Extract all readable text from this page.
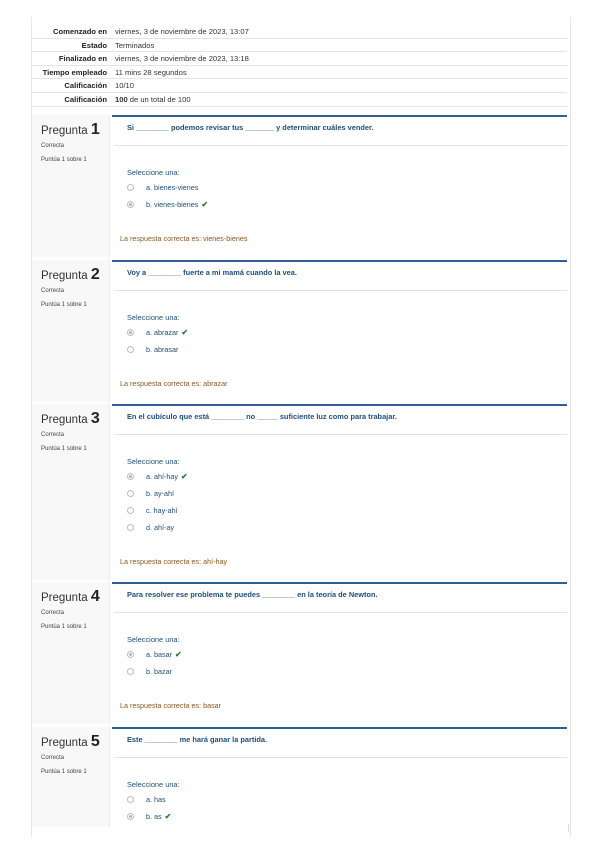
Comenzado en	viernes, 3 de noviembre de 2023, 13:07
Estado	Terminados
Finalizado en	viernes, 3 de noviembre de 2023, 13:18
Tiempo empleado	11 mins 28 segundos
Calificación	10/10
Calificación	100 de un total de 100
Pregunta 1
Correcta
Puntúa 1 sobre 1
Si ________ podemos revisar tus _______ y determinar cuáles vender.
Seleccione una:
a. bienes-vienes
b. vienes-bienes ✔
La respuesta correcta es: vienes-bienes
Pregunta 2
Correcta
Puntúa 1 sobre 1
Voy a ________ fuerte a mi mamá cuando la vea.
Seleccione una:
a. abrazar ✔
b. abrasar
La respuesta correcta es: abrazar
Pregunta 3
Correcta
Puntúa 1 sobre 1
En el cubículo que está ________ no _____ suficiente luz como para trabajar.
Seleccione una:
a. ahí-hay ✔
b. ay-ahí
c. hay-ahí
d. ahí-ay
La respuesta correcta es: ahí-hay
Pregunta 4
Correcta
Puntúa 1 sobre 1
Para resolver ese problema te puedes ________ en la teoría de Newton.
Seleccione una:
a. basar ✔
b. bazar
La respuesta correcta es: basar
Pregunta 5
Correcta
Puntúa 1 sobre 1
Este ________ me hará ganar la partida.
Seleccione una:
a. has
b. as ✔
